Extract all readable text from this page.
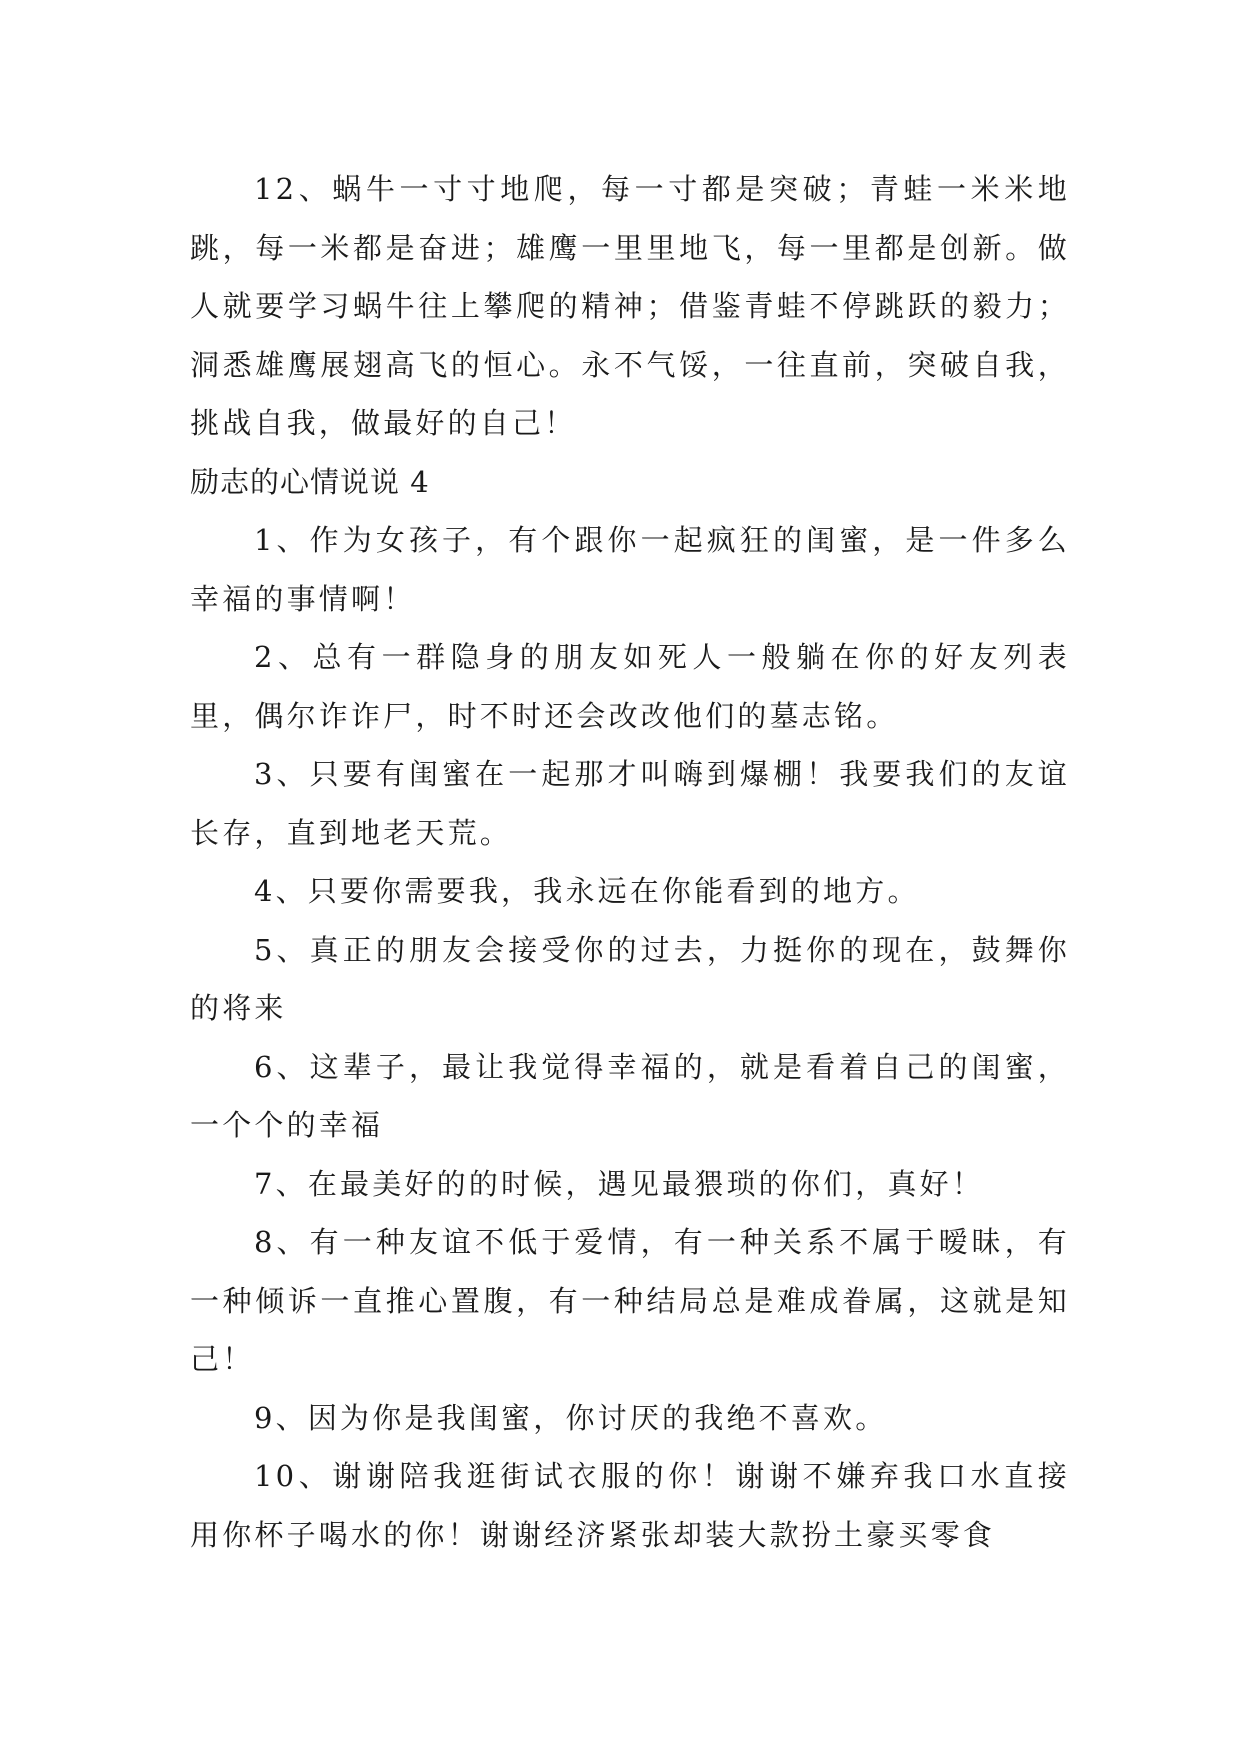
12、蜗牛一寸寸地爬，每一寸都是突破；青蛙一米米地跳，每一米都是奋进；雄鹰一里里地飞，每一里都是创新。做人就要学习蜗牛往上攀爬的精神；借鉴青蛙不停跳跃的毅力；洞悉雄鹰展翅高飞的恒心。永不气馁，一往直前，突破自我，挑战自我，做最好的自己！

励志的心情说说 4

1、作为女孩子，有个跟你一起疯狂的闺蜜，是一件多么幸福的事情啊！

2、总有一群隐身的朋友如死人一般躺在你的好友列表里，偶尔诈诈尸，时不时还会改改他们的墓志铭。

3、只要有闺蜜在一起那才叫嗨到爆棚！我要我们的友谊长存，直到地老天荒。

4、只要你需要我，我永远在你能看到的地方。

5、真正的朋友会接受你的过去，力挺你的现在，鼓舞你的将来

6、这辈子，最让我觉得幸福的，就是看着自己的闺蜜，一个个的幸福

7、在最美好的的时候，遇见最猥琐的你们，真好！

8、有一种友谊不低于爱情，有一种关系不属于暧昧，有一种倾诉一直推心置腹，有一种结局总是难成眷属，这就是知己！

9、因为你是我闺蜜，你讨厌的我绝不喜欢。

10、谢谢陪我逛街试衣服的你！谢谢不嫌弃我口水直接用你杯子喝水的你！谢谢经济紧张却装大款扮土豪买零食
